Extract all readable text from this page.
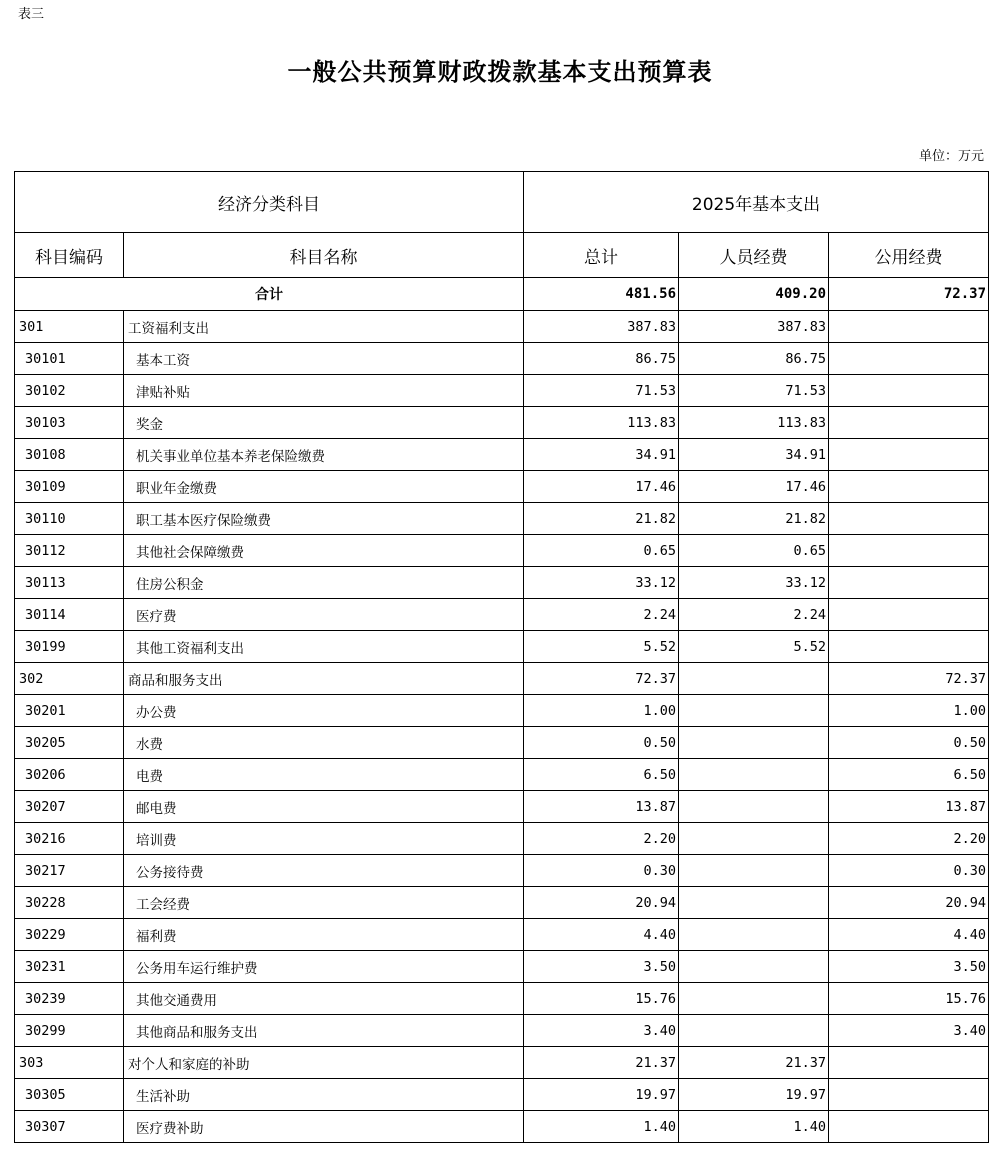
表三
一般公共预算财政拨款基本支出预算表
单位：万元
经济分类科目		2025年基本支出		
科目编码	科目名称	总计	人员经费	公用经费
合计		481.56	409.20	72.37
301	工资福利支出	387.83	387.83	
30101	基本工资	86.75	86.75	
30102	津贴补贴	71.53	71.53	
30103	奖金	113.83	113.83	
30108	机关事业单位基本养老保险缴费	34.91	34.91	
30109	职业年金缴费	17.46	17.46	
30110	职工基本医疗保险缴费	21.82	21.82	
30112	其他社会保障缴费	0.65	0.65	
30113	住房公积金	33.12	33.12	
30114	医疗费	2.24	2.24	
30199	其他工资福利支出	5.52	5.52	
302	商品和服务支出	72.37		72.37
30201	办公费	1.00		1.00
30205	水费	0.50		0.50
30206	电费	6.50		6.50
30207	邮电费	13.87		13.87
30216	培训费	2.20		2.20
30217	公务接待费	0.30		0.30
30228	工会经费	20.94		20.94
30229	福利费	4.40		4.40
30231	公务用车运行维护费	3.50		3.50
30239	其他交通费用	15.76		15.76
30299	其他商品和服务支出	3.40		3.40
303	对个人和家庭的补助	21.37	21.37	
30305	生活补助	19.97	19.97	
30307	医疗费补助	1.40	1.40	
